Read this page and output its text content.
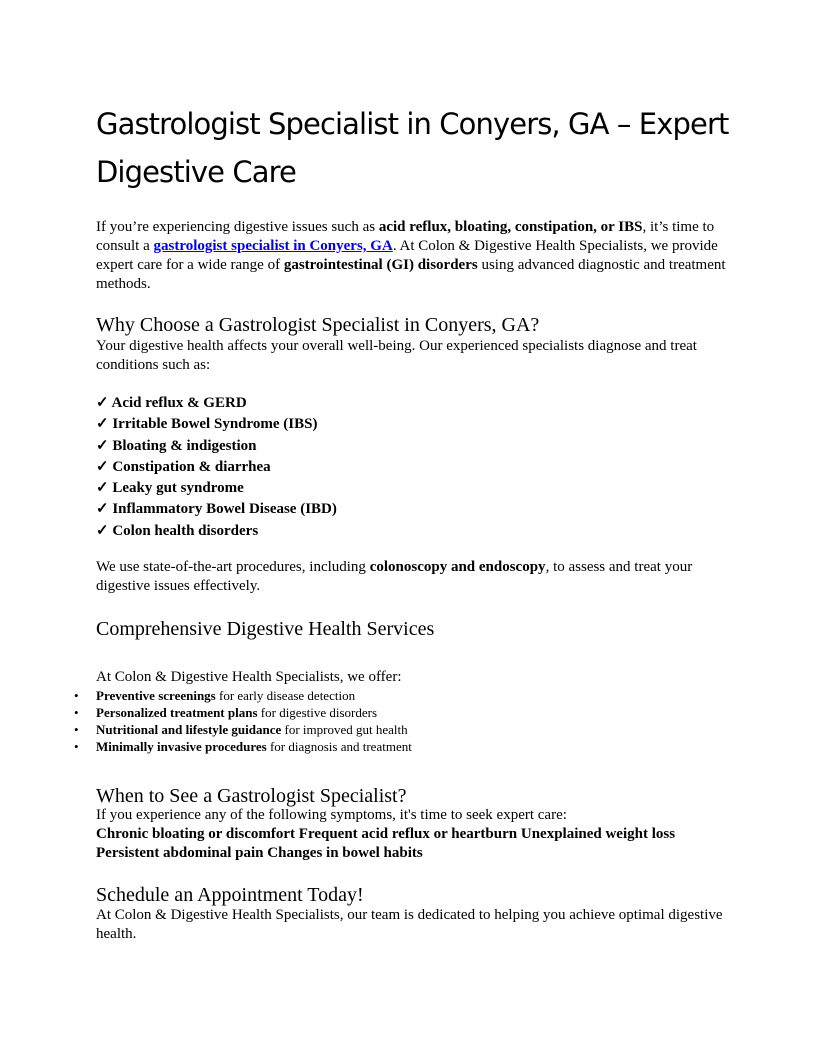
Gastrologist Specialist in Conyers, GA – Expert Digestive Care

If you’re experiencing digestive issues such as acid reflux, bloating, constipation, or IBS, it’s time to consult a gastrologist specialist in Conyers, GA. At Colon & Digestive Health Specialists, we provide expert care for a wide range of gastrointestinal (GI) disorders using advanced diagnostic and treatment methods.

Why Choose a Gastrologist Specialist in Conyers, GA?

Your digestive health affects your overall well-being. Our experienced specialists diagnose and treat conditions such as:

✓ Acid reflux & GERD
✓ Irritable Bowel Syndrome (IBS)
✓ Bloating & indigestion
✓ Constipation & diarrhea
✓ Leaky gut syndrome
✓ Inflammatory Bowel Disease (IBD)
✓ Colon health disorders

We use state-of-the-art procedures, including colonoscopy and endoscopy, to assess and treat your digestive issues effectively.

Comprehensive Digestive Health Services

At Colon & Digestive Health Specialists, we offer:

• Preventive screenings for early disease detection
• Personalized treatment plans for digestive disorders
• Nutritional and lifestyle guidance for improved gut health
• Minimally invasive procedures for diagnosis and treatment
When to See a Gastrologist Specialist?

If you experience any of the following symptoms, it's time to seek expert care:

Chronic bloating or discomfort Frequent acid reflux or heartburn Unexplained weight loss

Persistent abdominal pain Changes in bowel habits

Schedule an Appointment Today!

At Colon & Digestive Health Specialists, our team is dedicated to helping you achieve optimal digestive health.
